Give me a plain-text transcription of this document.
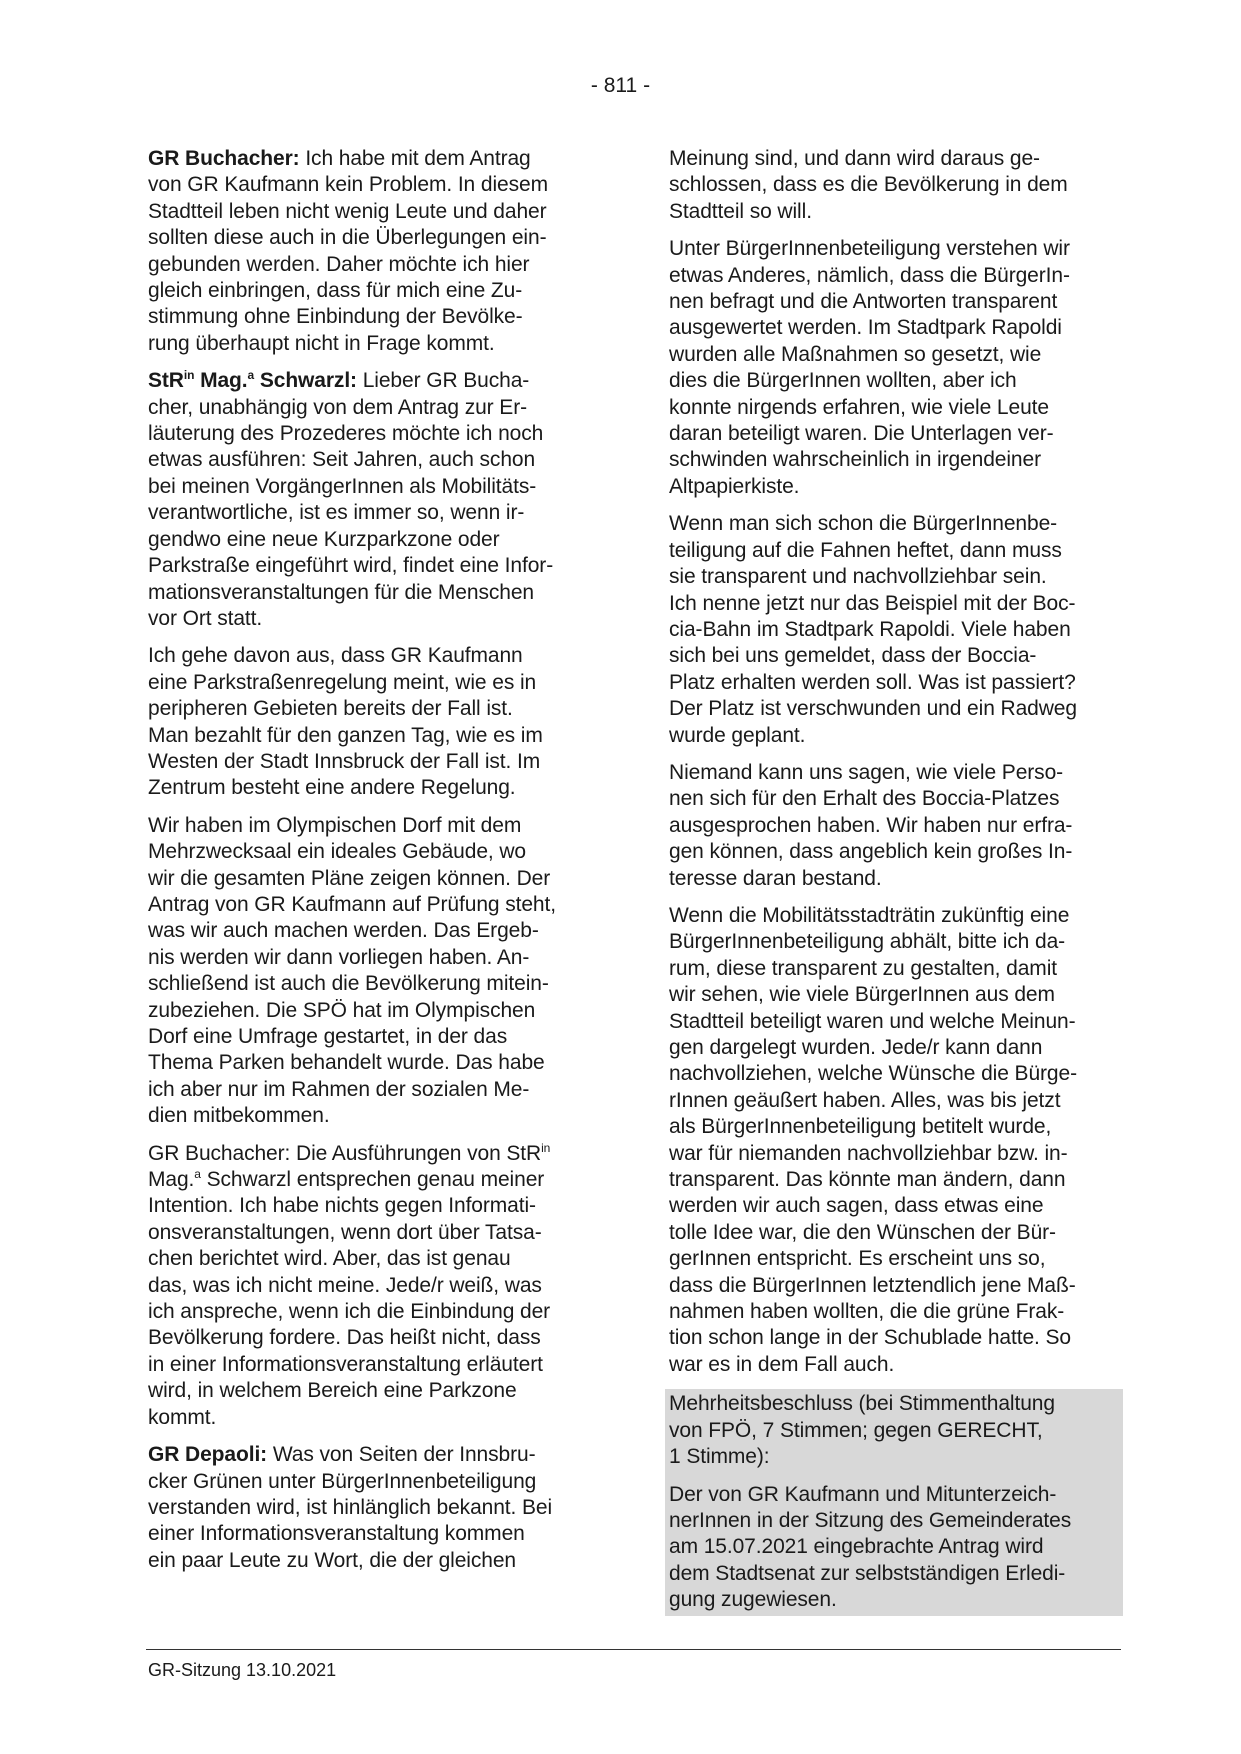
- 811 -

GR Buchacher: Ich habe mit dem Antrag
von GR Kaufmann kein Problem. In diesem
Stadtteil leben nicht wenig Leute und daher
sollten diese auch in die Überlegungen ein-
gebunden werden. Daher möchte ich hier
gleich einbringen, dass für mich eine Zu-
stimmung ohne Einbindung der Bevölke-
rung überhaupt nicht in Frage kommt.

StR$^{in}$ Mag.$^a$ Schwarzl: Lieber GR Bucha-
cher, unabhängig von dem Antrag zur Er-
läuterung des Prozederes möchte ich noch
etwas ausführen: Seit Jahren, auch schon
bei meinen VorgängerInnen als Mobilitäts-
verantwortliche, ist es immer so, wenn ir-
gendwo eine neue Kurzparkzone oder
Parkstraße eingeführt wird, findet eine Infor-
mationsveranstaltungen für die Menschen
vor Ort statt.

Ich gehe davon aus, dass GR Kaufmann
eine Parkstraßenregelung meint, wie es in
peripheren Gebieten bereits der Fall ist.
Man bezahlt für den ganzen Tag, wie es im
Westen der Stadt Innsbruck der Fall ist. Im
Zentrum besteht eine andere Regelung.

Wir haben im Olympischen Dorf mit dem
Mehrzwecksaal ein ideales Gebäude, wo
wir die gesamten Pläne zeigen können. Der
Antrag von GR Kaufmann auf Prüfung steht,
was wir auch machen werden. Das Ergeb-
nis werden wir dann vorliegen haben. An-
schließend ist auch die Bevölkerung mitein-
zubeziehen. Die SPÖ hat im Olympischen
Dorf eine Umfrage gestartet, in der das
Thema Parken behandelt wurde. Das habe
ich aber nur im Rahmen der sozialen Me-
dien mitbekommen.

GR Buchacher: Die Ausführungen von StR$^{in}$
Mag.$^a$ Schwarzl entsprechen genau meiner
Intention. Ich habe nichts gegen Informati-
onsveranstaltungen, wenn dort über Tatsa-
chen berichtet wird. Aber, das ist genau
das, was ich nicht meine. Jede/r weiß, was
ich anspreche, wenn ich die Einbindung der
Bevölkerung fordere. Das heißt nicht, dass
in einer Informationsveranstaltung erläutert
wird, in welchem Bereich eine Parkzone
kommt.

GR Depaoli: Was von Seiten der Innsbru-
cker Grünen unter BürgerInnenbeteiligung
verstanden wird, ist hinlänglich bekannt. Bei
einer Informationsveranstaltung kommen
ein paar Leute zu Wort, die der gleichen

Meinung sind, und dann wird daraus ge-
schlossen, dass es die Bevölkerung in dem
Stadtteil so will.

Unter BürgerInnenbeteiligung verstehen wir
etwas Anderes, nämlich, dass die BürgerIn-
nen befragt und die Antworten transparent
ausgewertet werden. Im Stadtpark Rapoldi
wurden alle Maßnahmen so gesetzt, wie
dies die BürgerInnen wollten, aber ich
konnte nirgends erfahren, wie viele Leute
daran beteiligt waren. Die Unterlagen ver-
schwinden wahrscheinlich in irgendeiner
Altpapierkiste.

Wenn man sich schon die BürgerInnenbe-
teiligung auf die Fahnen heftet, dann muss
sie transparent und nachvollziehbar sein.
Ich nenne jetzt nur das Beispiel mit der Boc-
cia-Bahn im Stadtpark Rapoldi. Viele haben
sich bei uns gemeldet, dass der Boccia-
Platz erhalten werden soll. Was ist passiert?
Der Platz ist verschwunden und ein Radweg
wurde geplant.

Niemand kann uns sagen, wie viele Perso-
nen sich für den Erhalt des Boccia-Platzes
ausgesprochen haben. Wir haben nur erfra-
gen können, dass angeblich kein großes In-
teresse daran bestand.

Wenn die Mobilitätsstadträtin zukünftig eine
BürgerInnenbeteiligung abhält, bitte ich da-
rum, diese transparent zu gestalten, damit
wir sehen, wie viele BürgerInnen aus dem
Stadtteil beteiligt waren und welche Meinun-
gen dargelegt wurden. Jede/r kann dann
nachvollziehen, welche Wünsche die Bürge-
rInnen geäußert haben. Alles, was bis jetzt
als BürgerInnenbeteiligung betitelt wurde,
war für niemanden nachvollziehbar bzw. in-
transparent. Das könnte man ändern, dann
werden wir auch sagen, dass etwas eine
tolle Idee war, die den Wünschen der Bür-
gerInnen entspricht. Es erscheint uns so,
dass die BürgerInnen letztendlich jene Maß-
nahmen haben wollten, die die grüne Frak-
tion schon lange in der Schublade hatte. So
war es in dem Fall auch.

Mehrheitsbeschluss (bei Stimmenthaltung
von FPÖ, 7 Stimmen; gegen GERECHT,
1 Stimme):

Der von GR Kaufmann und Mitunterzeich-
nerInnen in der Sitzung des Gemeinderates
am 15.07.2021 eingebrachte Antrag wird
dem Stadtsenat zur selbstständigen Erledi-
gung zugewiesen.

GR-Sitzung 13.10.2021
